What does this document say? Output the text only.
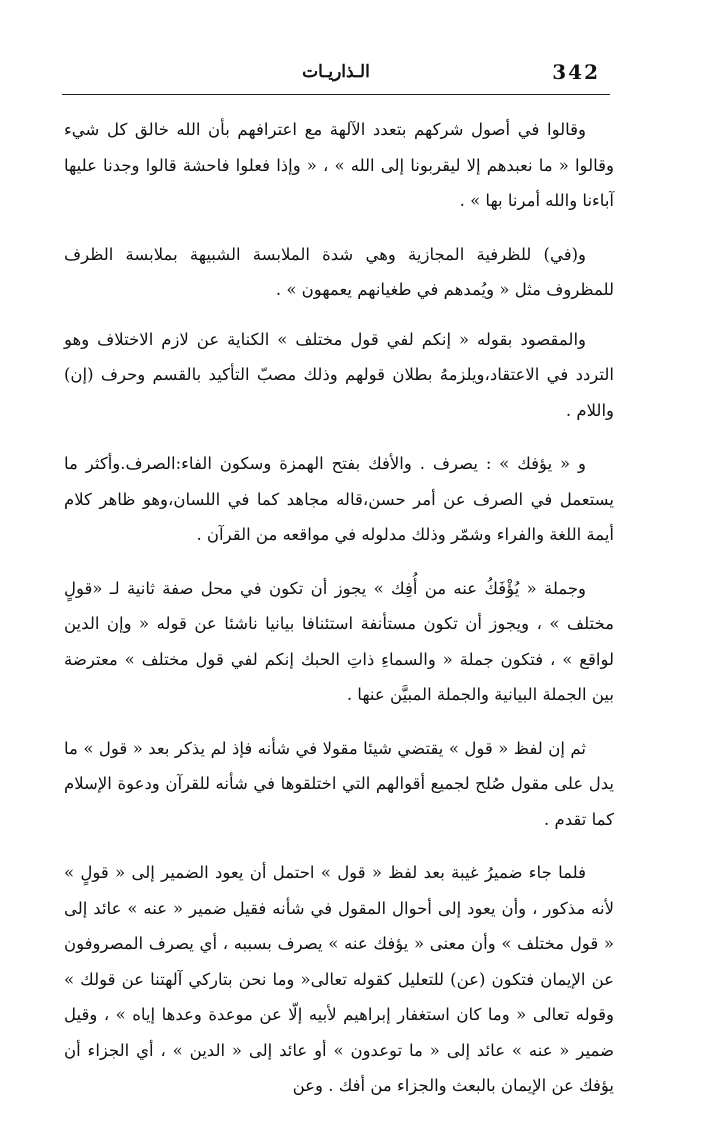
342
الـذاريـات

وقالوا في أصول شركهم بتعدد الآلهة مع اعترافهم بأن الله خالق كل شيء وقالوا « ما نعبدهم إلا ليقربونا إلى الله » ، « وإذا فعلوا فاحشة قالوا وجدنا عليها آباءنا والله أمرنا بها » .

و(في) للظرفية المجازية وهي شدة الملابسة الشبيهة بملابسة الظرف للمظروف مثل « ويُمدهم في طغيانهم يعمهون » .

والمقصود بقوله « إنكم لفي قول مختلف » الكناية عن لازم الاختلاف وهو التردد في الاعتقاد،ويلزمهُ بطلان قولهم وذلك مصبّ التأكيد بالقسم وحرف (إن) واللام .

و « يؤفك » : يصرف . والأفك بفتح الهمزة وسكون الفاء:الصرف.وأكثر ما يستعمل في الصرف عن أمر حسن،قاله مجاهد كما في اللسان،وهو ظاهر كلام أيمة اللغة والفراء وشمّر وذلك مدلوله في مواقعه من القرآن .

وجملة « يُؤْفَكُ عنه من أُفِك » يجوز أن تكون في محل صفة ثانية لـ «قولٍ مختلف » ، ويجوز أن تكون مستأنفة استئنافا بيانيا ناشئا عن قوله « وإن الدين لواقع » ، فتكون جملة « والسماءِ ذاتِ الحبك إنكم لفي قول مختلف » معترضة بين الجملة البيانية والجملة المبيَّن عنها .

ثم إن لفظ « قول » يقتضي شيئا مقولا في شأنه فإذ لم يذكر بعد « قول » ما يدل على مقول صُلح لجميع أقوالهم التي اختلقوها في شأنه للقرآن ودعوة الإسلام كما تقدم .

فلما جاء ضميرُ غيبة بعد لفظ « قول » احتمل أن يعود الضمير إلى « قولٍ » لأنه مذكور ، وأن يعود إلى أحوال المقول في شأنه فقيل ضمير « عنه » عائد إلى « قول مختلف » وأن معنى « يؤفك عنه » يصرف بسببه ، أي يصرف المصروفون عن الإيمان فتكون (عن) للتعليل كقوله تعالى« وما نحن بتاركي آلهتنا عن قولك » وقوله تعالى « وما كان استغفار إبراهيم لأبيه إلّا عن موعدة وعدها إياه » ، وقيل ضمير « عنه » عائد إلى « ما توعدون » أو عائد إلى « الدين » ، أي الجزاء أن يؤفك عن الإيمان بالبعث والجزاء من أفك . وعن
